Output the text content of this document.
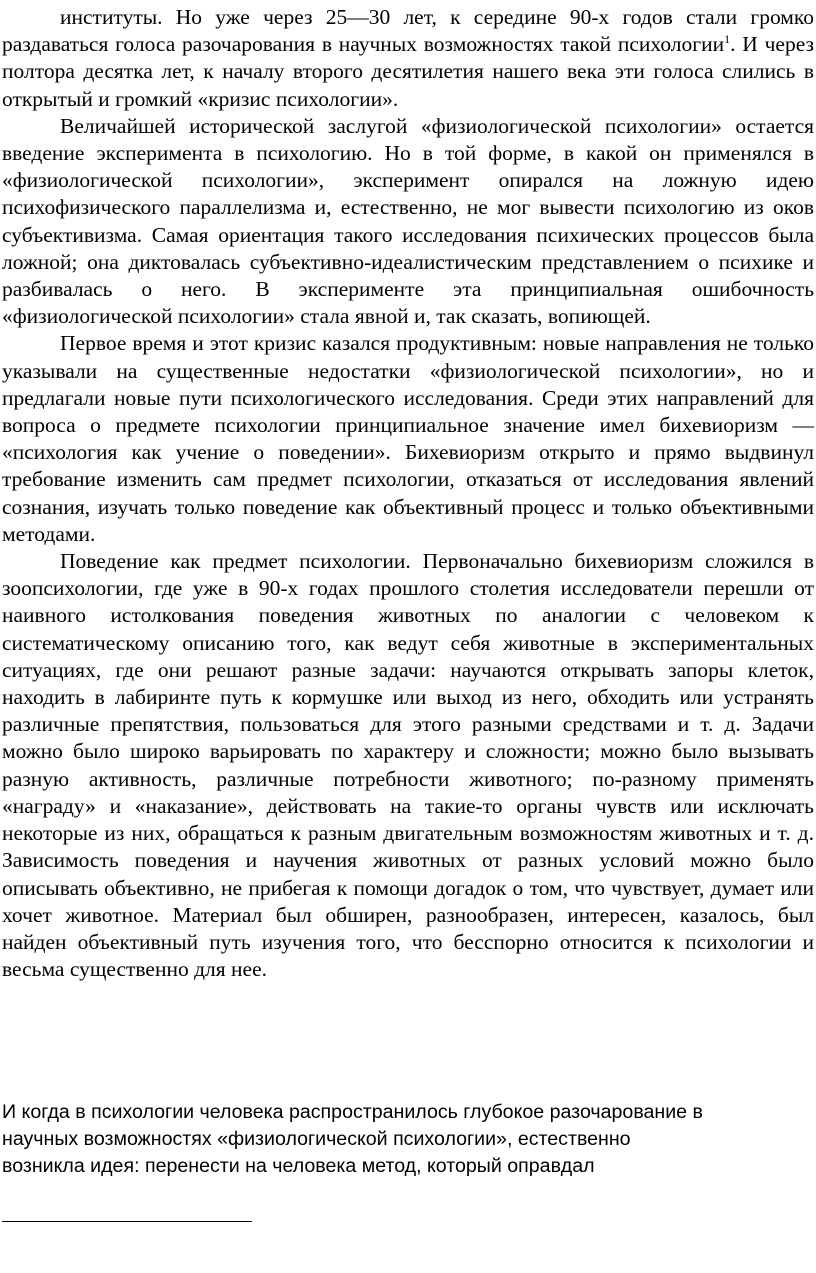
институты. Но уже через 25—30 лет, к середине 90-х годов стали громко раздаваться голоса разочарования в научных возможностях такой психологии$^1$. И через полтора десятка лет, к началу второго десятилетия нашего века эти голоса слились в открытый и громкий «кризис психологии».

Величайшей исторической заслугой «физиологической психологии» остается введение эксперимента в психологию. Но в той форме, в какой он применялся в «физиологической психологии», эксперимент опирался на ложную идею психофизического параллелизма и, естественно, не мог вывести психологию из оков субъективизма. Самая ориентация такого исследования психических процессов была ложной; она диктовалась субъективно-идеалистическим представлением о психике и разбивалась о него. В эксперименте эта принципиальная ошибочность «физиологической психологии» стала явной и, так сказать, вопиющей.

Первое время и этот кризис казался продуктивным: новые направления не только указывали на существенные недостатки «физиологической психологии», но и предлагали новые пути психологического исследования. Среди этих направлений для вопроса о предмете психологии принципиальное значение имел бихевиоризм — «психология как учение о поведении». Бихевиоризм открыто и прямо выдвинул требование изменить сам предмет психологии, отказаться от исследования явлений сознания, изучать только поведение как объективный процесс и только объективными методами.

Поведение как предмет психологии. Первоначально бихевиоризм сложился в зоопсихологии, где уже в 90-х годах прошлого столетия исследователи перешли от наивного истолкования поведения животных по аналогии с человеком к систематическому описанию того, как ведут себя животные в экспериментальных ситуациях, где они решают разные задачи: научаются открывать запоры клеток, находить в лабиринте путь к кормушке или выход из него, обходить или устранять различные препятствия, пользоваться для этого разными средствами и т. д. Задачи можно было широко варьировать по характеру и сложности; можно было вызывать разную активность, различные потребности животного; по-разному применять «награду» и «наказание», действовать на такие-то органы чувств или исключать некоторые из них, обращаться к разным двигательным возможностям животных и т. д. Зависимость поведения и научения животных от разных условий можно было описывать объективно, не прибегая к помощи догадок о том, что чувствует, думает или хочет животное. Материал был обширен, разнообразен, интересен, казалось, был найден объективный путь изучения того, что бесспорно относится к психологии и весьма существенно для нее.

И когда в психологии человека распространилось глубокое разочарование в

научных возможностях «физиологической психологии», естественно

возникла идея: перенести на человека метод, который оправдал
